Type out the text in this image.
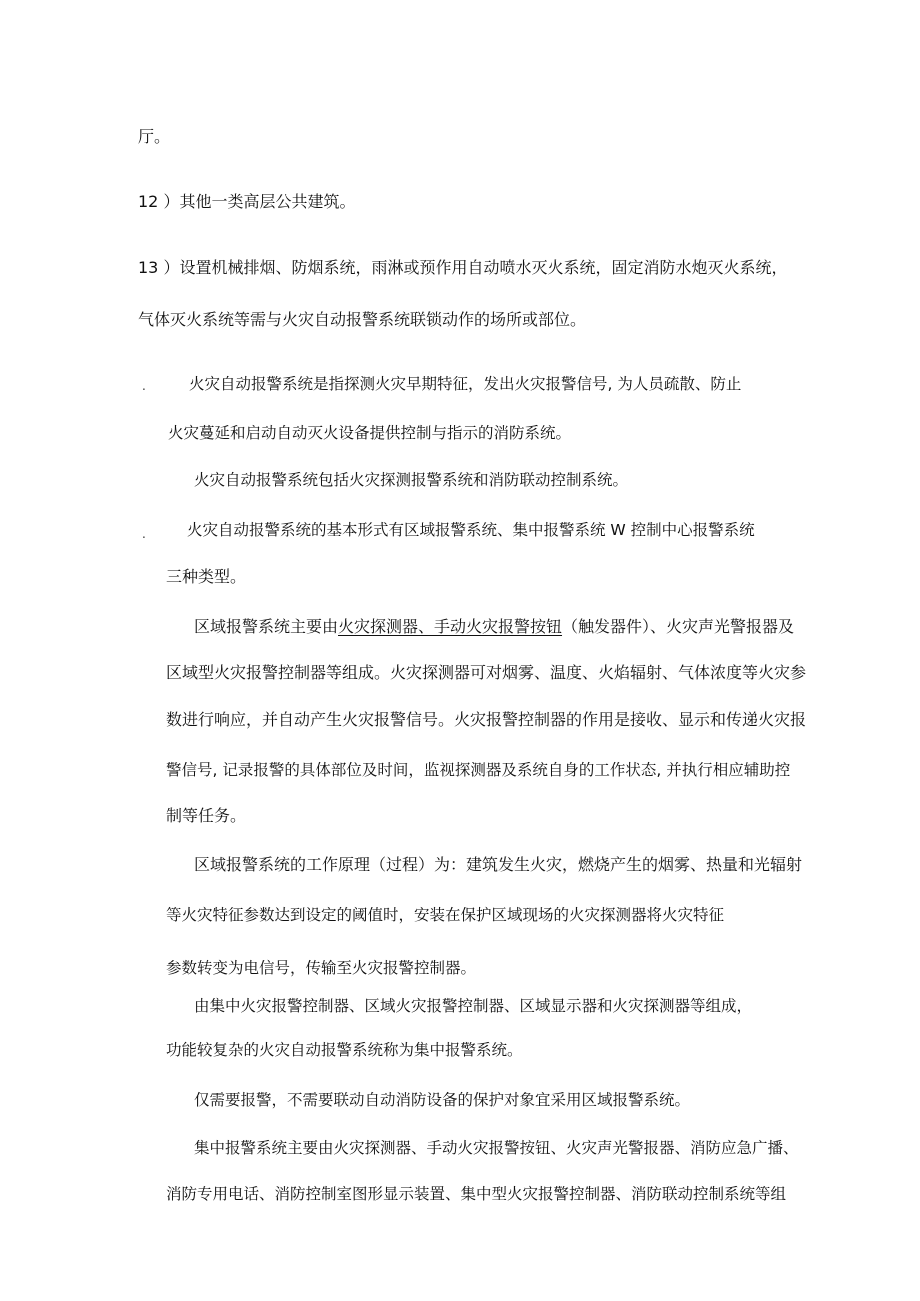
厅。
12 ）其他一类高层公共建筑。
13 ）设置机械排烟、防烟系统，雨淋或预作用自动喷水灭火系统，固定消防水炮灭火系统，
气体灭火系统等需与火灾自动报警系统联锁动作的场所或部位。
.	火灾自动报警系统是指探测火灾早期特征，发出火灾报警信号, 为人员疏散、防止
火灾蔓延和启动自动灭火设备提供控制与指示的消防系统。
火灾自动报警系统包括火灾探测报警系统和消防联动控制系统。
.	火灾自动报警系统的基本形式有区域报警系统、集中报警系统 W 控制中心报警系统
三种类型。
区域报警系统主要由火灾探测器、手动火灾报警按钮（触发器件）、火灾声光警报器及
区域型火灾报警控制器等组成。火灾探测器可对烟雾、温度、火焰辐射、气体浓度等火灾参
数进行响应，并自动产生火灾报警信号。火灾报警控制器的作用是接收、显示和传递火灾报
警信号, 记录报警的具体部位及时间，监视探测器及系统自身的工作状态, 并执行相应辅助控
制等任务。
区域报警系统的工作原理（过程）为：建筑发生火灾，燃烧产生的烟雾、热量和光辐射
等火灾特征参数达到设定的阈值时，安装在保护区域现场的火灾探测器将火灾特征
参数转变为电信号，传输至火灾报警控制器。
由集中火灾报警控制器、区域火灾报警控制器、区域显示器和火灾探测器等组成，
功能较复杂的火灾自动报警系统称为集中报警系统。
仅需要报警，不需要联动自动消防设备的保护对象宜采用区域报警系统。
集中报警系统主要由火灾探测器、手动火灾报警按钮、火灾声光警报器、消防应急广播、
消防专用电话、消防控制室图形显示装置、集中型火灾报警控制器、消防联动控制系统等组
